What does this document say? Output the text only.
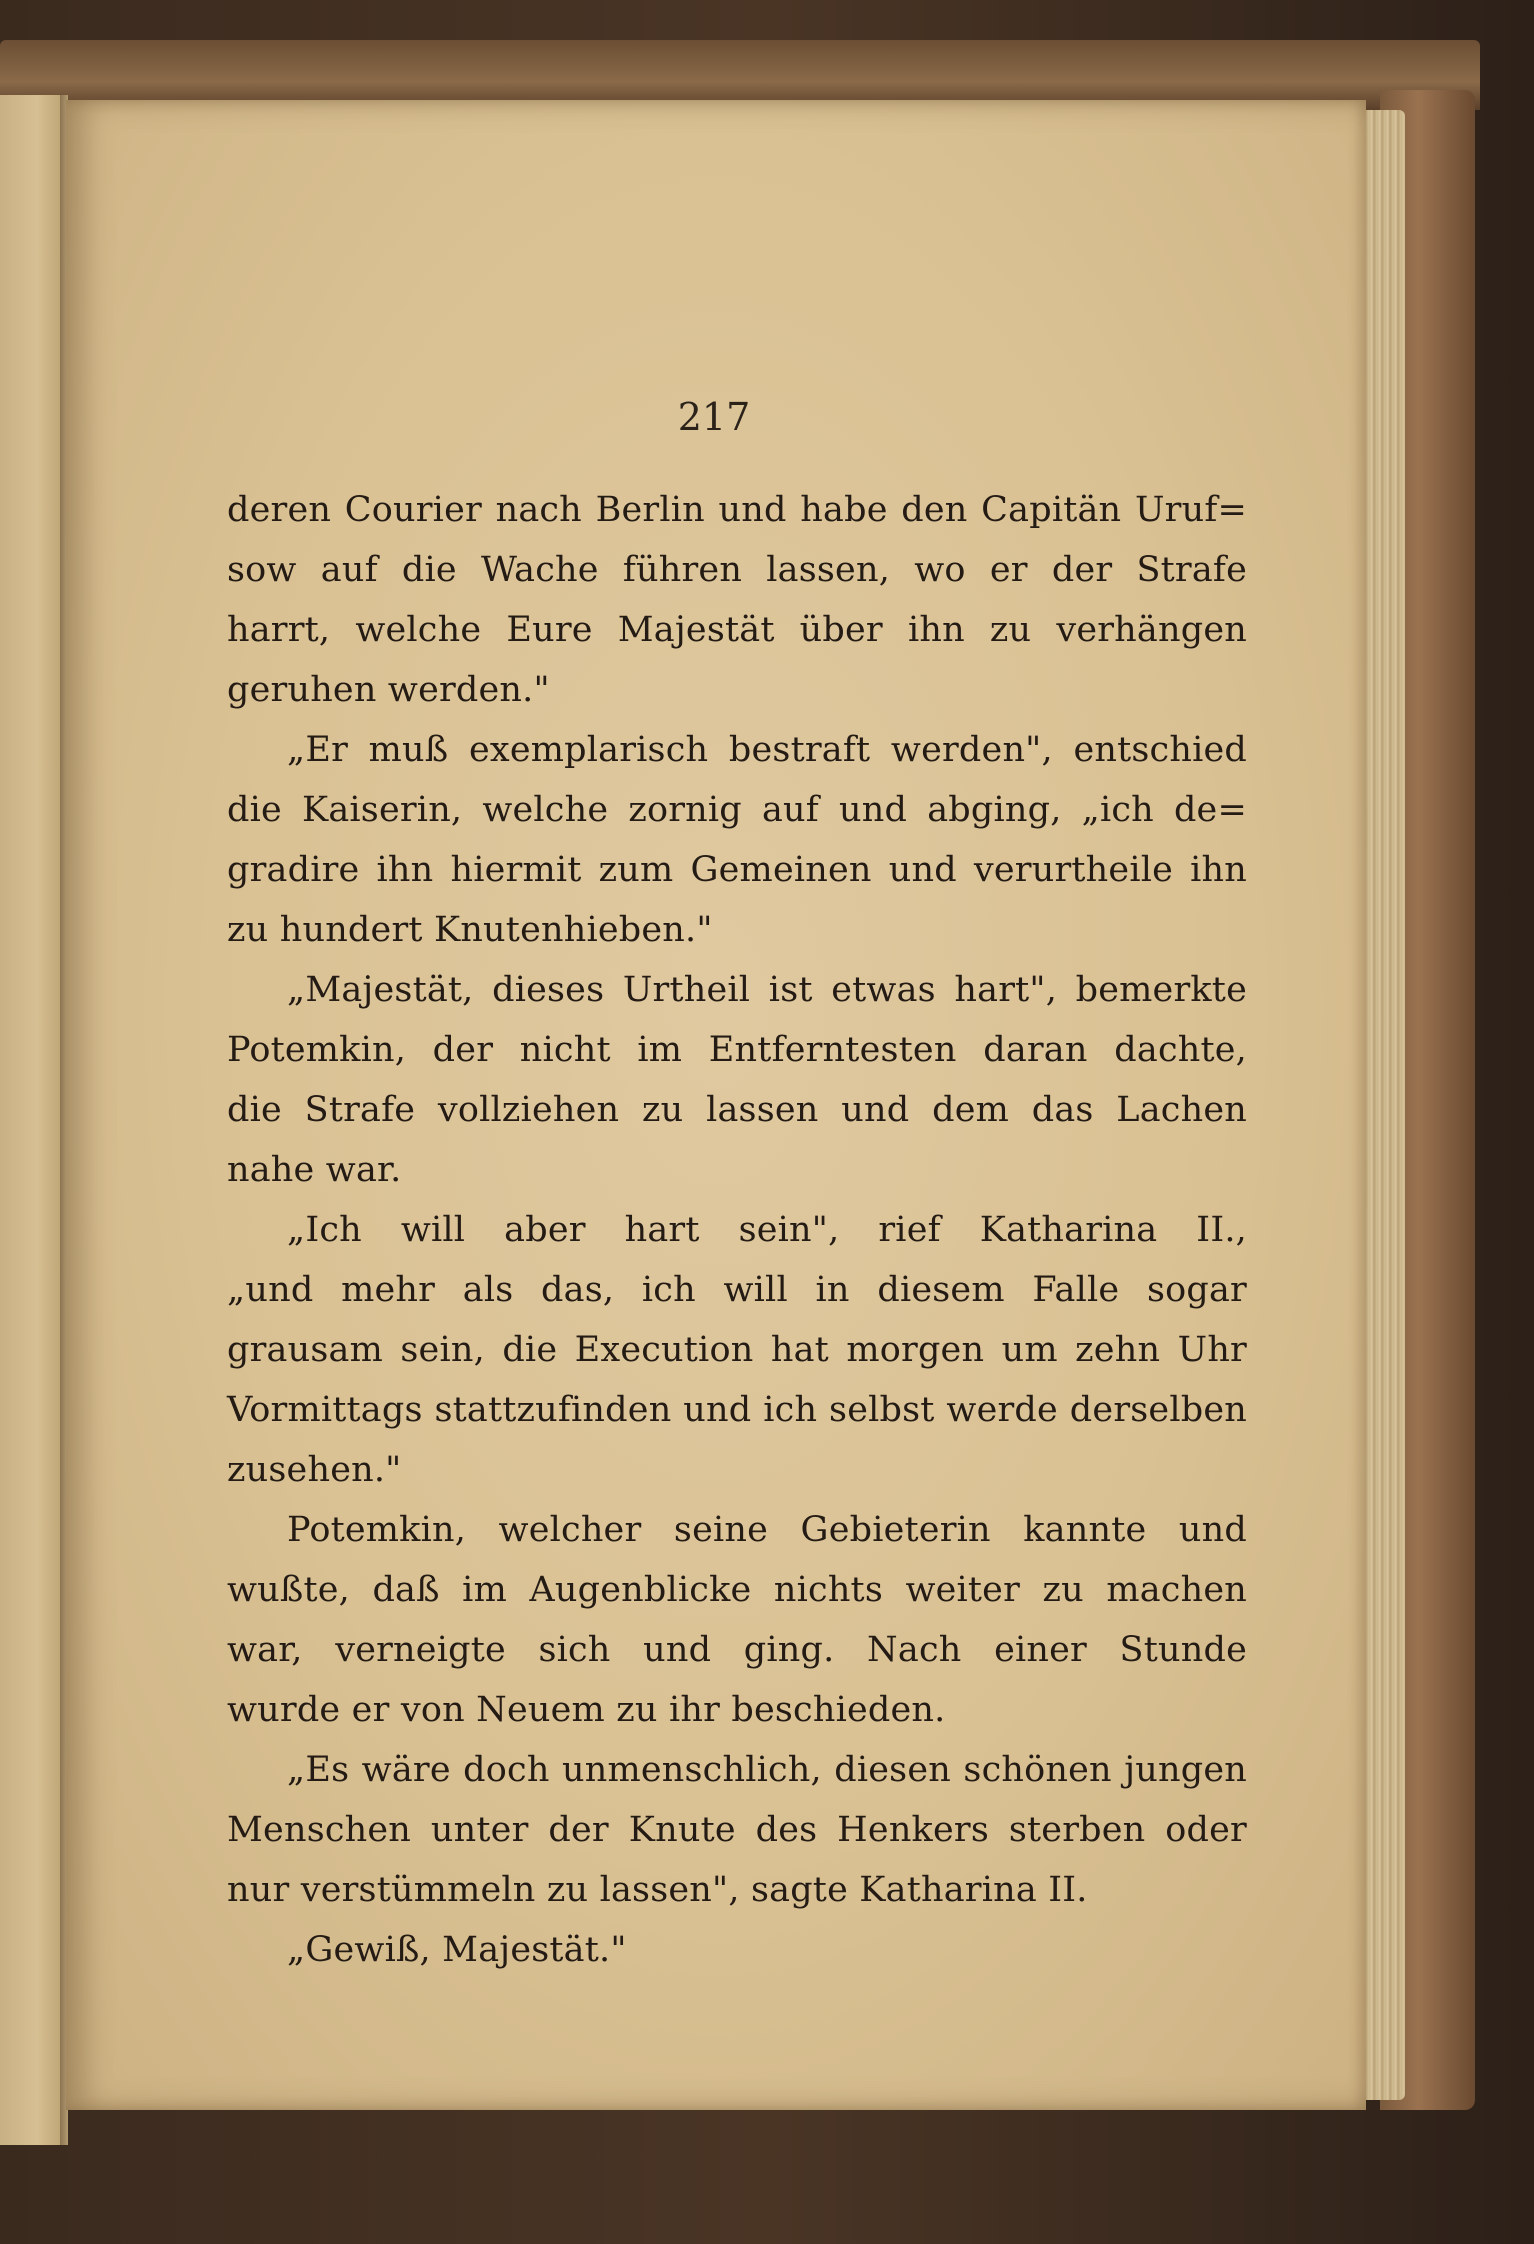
217
deren Courier nach Berlin und habe den Capitän Uruf=
sow auf die Wache führen lassen, wo er der Strafe
harrt, welche Eure Majestät über ihn zu verhängen
geruhen werden."
„Er muß exemplarisch bestraft werden", entschied
die Kaiserin, welche zornig auf und abging, „ich de=
gradire ihn hiermit zum Gemeinen und verurtheile ihn
zu hundert Knutenhieben."
„Majestät, dieses Urtheil ist etwas hart", bemerkte
Potemkin, der nicht im Entferntesten daran dachte,
die Strafe vollziehen zu lassen und dem das Lachen
nahe war.
„Ich will aber hart sein", rief Katharina II.,
„und mehr als das, ich will in diesem Falle sogar
grausam sein, die Execution hat morgen um zehn Uhr
Vormittags stattzufinden und ich selbst werde derselben
zusehen."
Potemkin, welcher seine Gebieterin kannte und
wußte, daß im Augenblicke nichts weiter zu machen
war, verneigte sich und ging. Nach einer Stunde
wurde er von Neuem zu ihr beschieden.
„Es wäre doch unmenschlich, diesen schönen jungen
Menschen unter der Knute des Henkers sterben oder
nur verstümmeln zu lassen", sagte Katharina II.
„Gewiß, Majestät."
